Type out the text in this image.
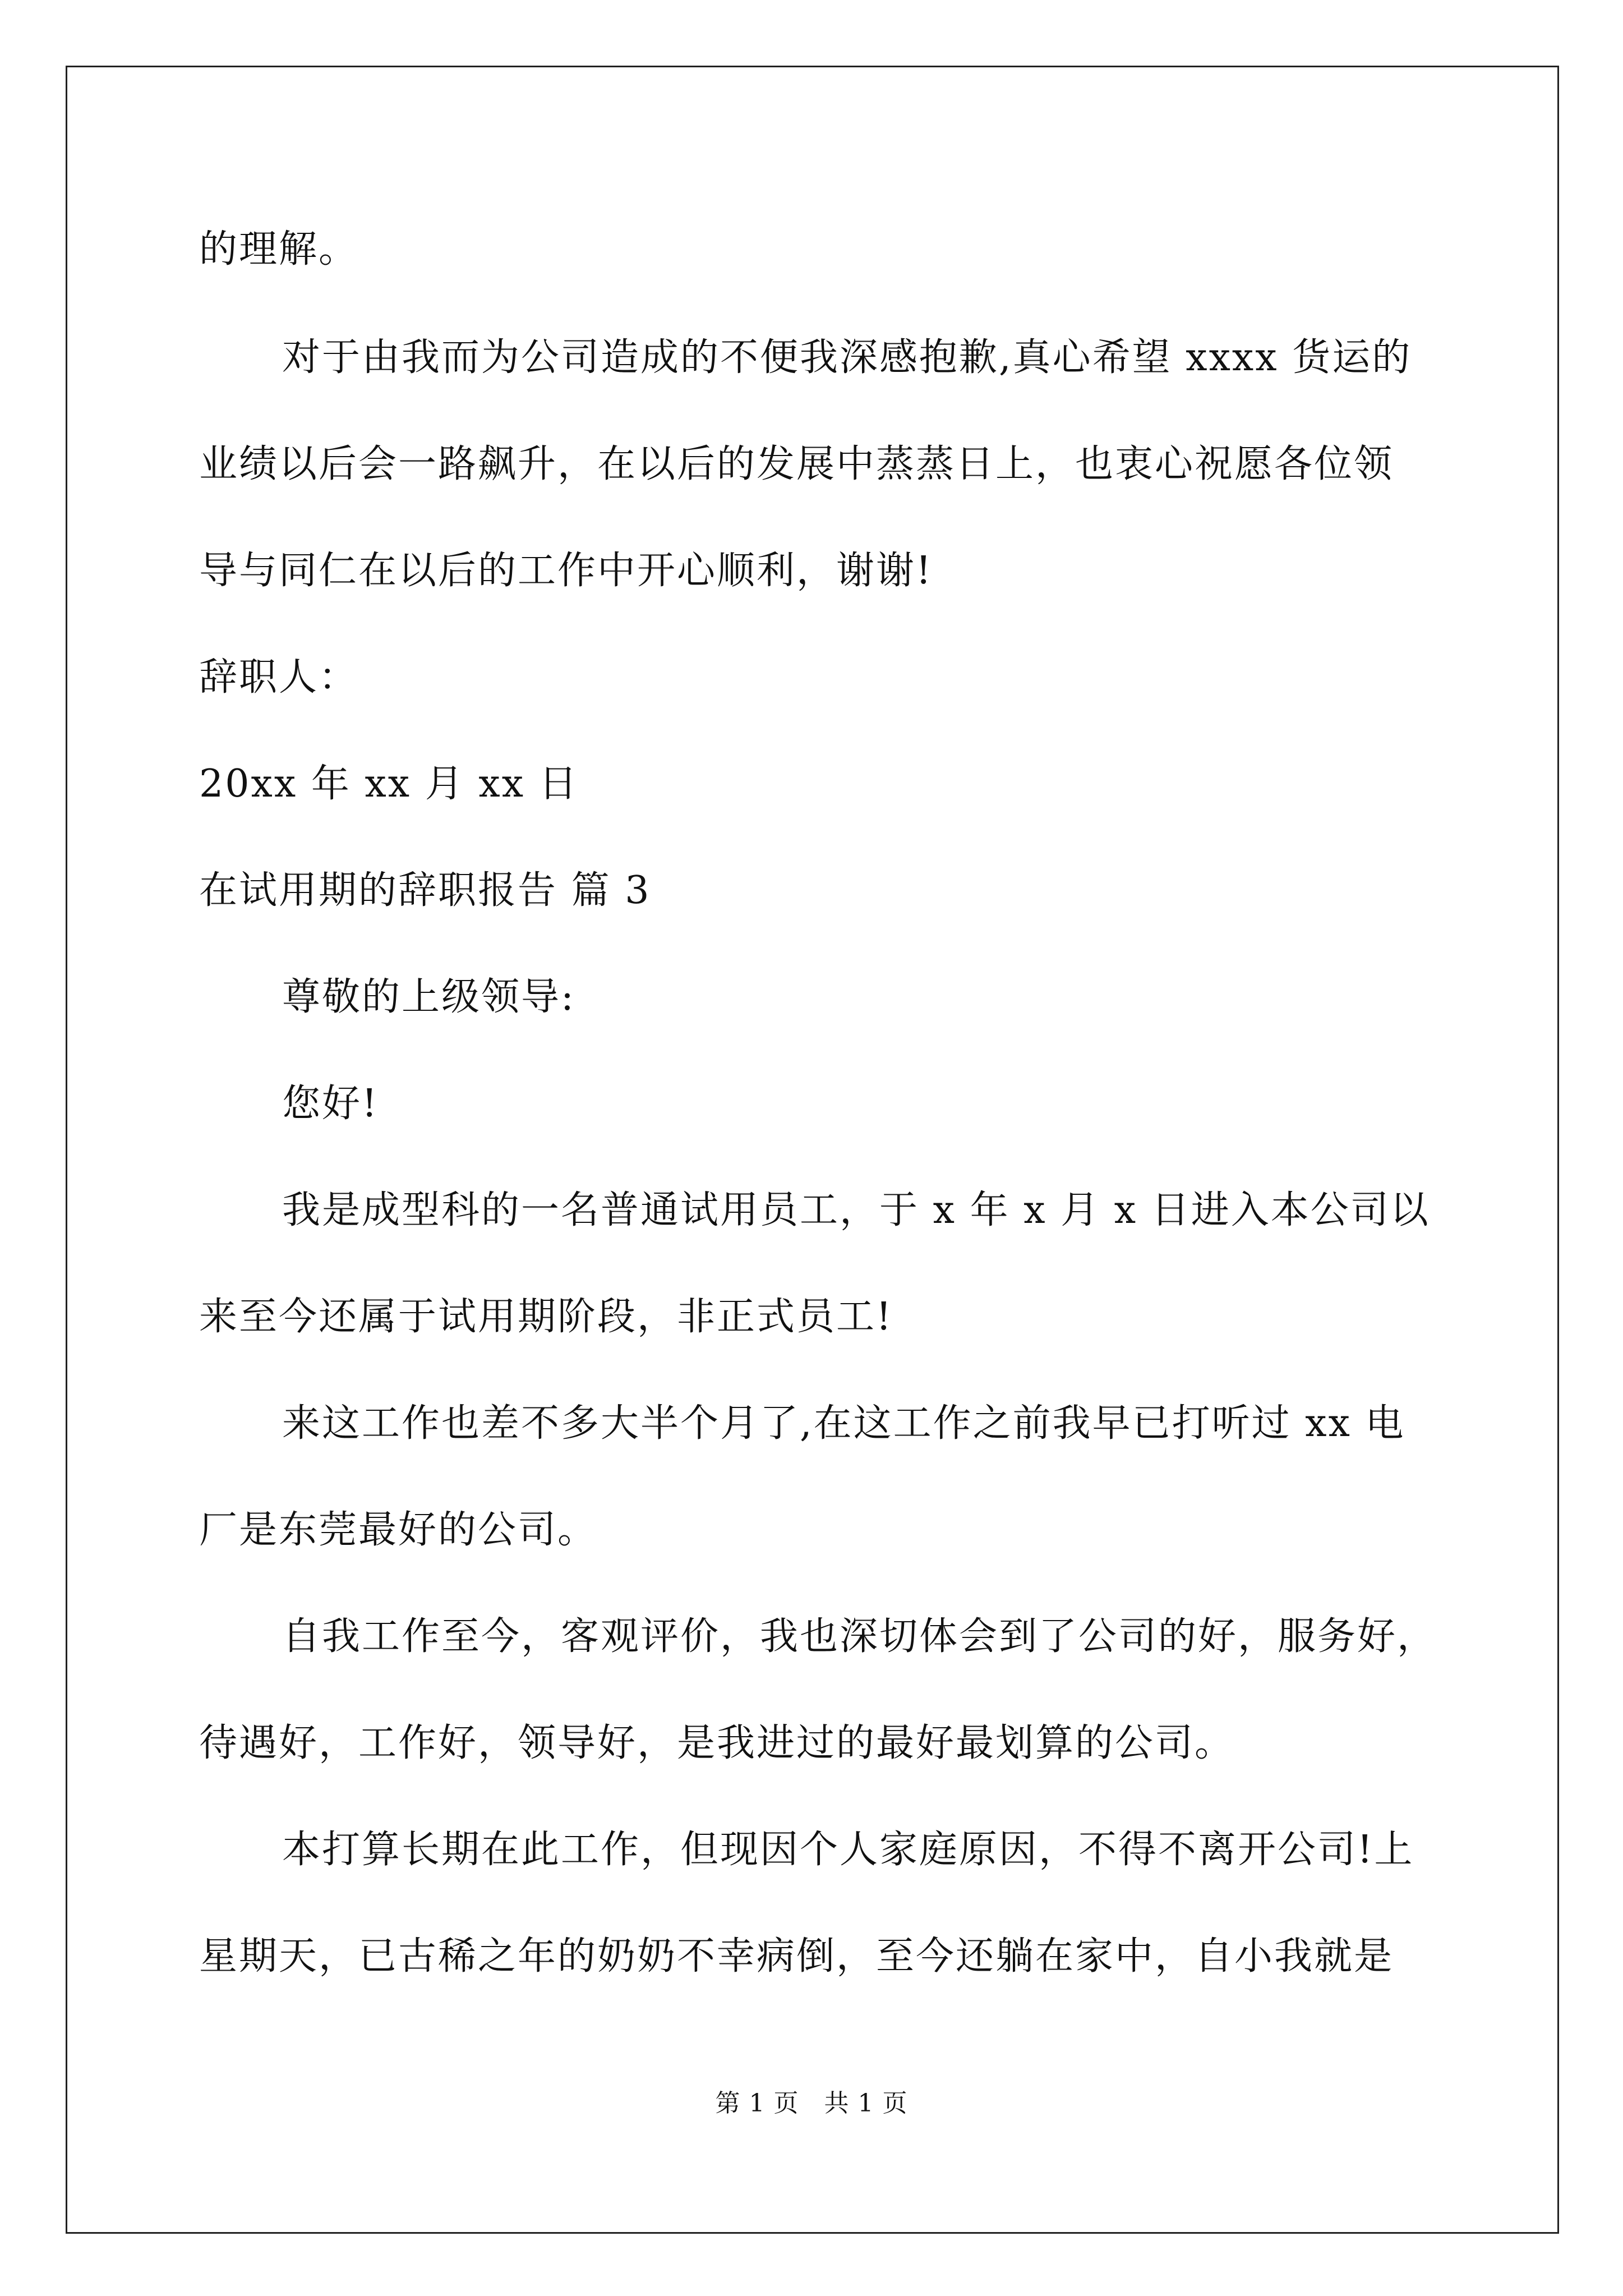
的理解。
对于由我而为公司造成的不便我深感抱歉,真心希望 xxxx 货运的
业绩以后会一路飙升，在以后的发展中蒸蒸日上，也衷心祝愿各位领
导与同仁在以后的工作中开心顺利，谢谢!
辞职人：
20xx 年 xx 月 xx 日
在试用期的辞职报告 篇 3
尊敬的上级领导:
您好!
我是成型科的一名普通试用员工，于 x 年 x 月 x 日进入本公司以
来至今还属于试用期阶段，非正式员工!
来这工作也差不多大半个月了,在这工作之前我早已打听过 xx 电
厂是东莞最好的公司。
自我工作至今，客观评价，我也深切体会到了公司的好，服务好，
待遇好，工作好，领导好，是我进过的最好最划算的公司。
本打算长期在此工作，但现因个人家庭原因，不得不离开公司!上
星期天，已古稀之年的奶奶不幸病倒，至今还躺在家中，自小我就是
第 1 页　共 1 页
